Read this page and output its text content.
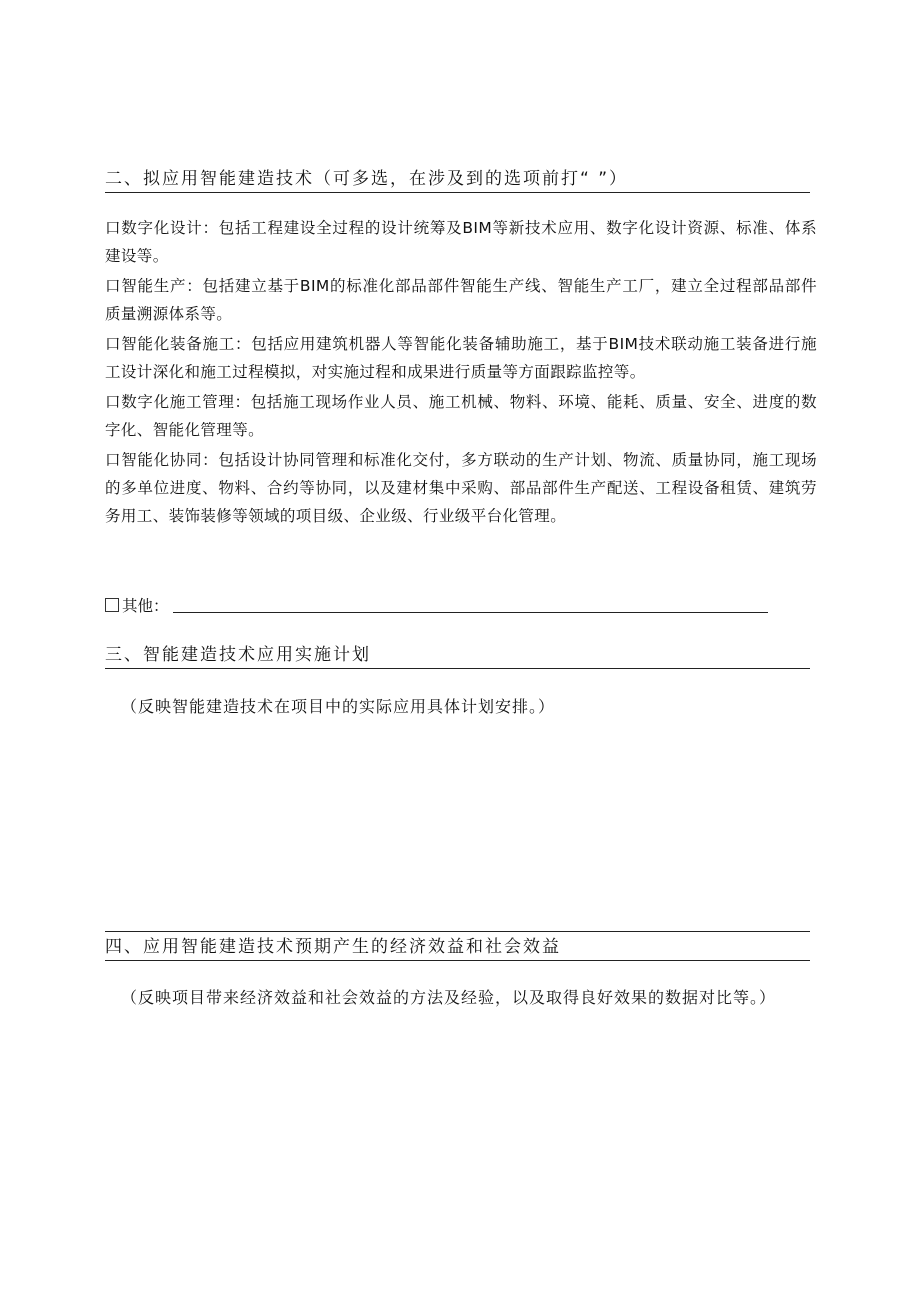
二、拟应用智能建造技术（可多选，在涉及到的选项前打“ ”）
口数字化设计：包括工程建设全过程的设计统筹及BIM等新技术应用、数字化设计资源、标准、体系建设等。
口智能生产：包括建立基于BIM的标准化部品部件智能生产线、智能生产工厂，建立全过程部品部件质量溯源体系等。
口智能化装备施工：包括应用建筑机器人等智能化装备辅助施工，基于BIM技术联动施工装备进行施工设计深化和施工过程模拟，对实施过程和成果进行质量等方面跟踪监控等。
口数字化施工管理：包括施工现场作业人员、施工机械、物料、环境、能耗、质量、安全、进度的数字化、智能化管理等。
口智能化协同：包括设计协同管理和标准化交付，多方联动的生产计划、物流、质量协同，施工现场的多单位进度、物料、合约等协同，以及建材集中采购、部品部件生产配送、工程设备租赁、建筑劳务用工、装饰装修等领域的项目级、企业级、行业级平台化管理。
其他：
三、智能建造技术应用实施计划
（反映智能建造技术在项目中的实际应用具体计划安排。）
四、应用智能建造技术预期产生的经济效益和社会效益
（反映项目带来经济效益和社会效益的方法及经验，以及取得良好效果的数据对比等。）
